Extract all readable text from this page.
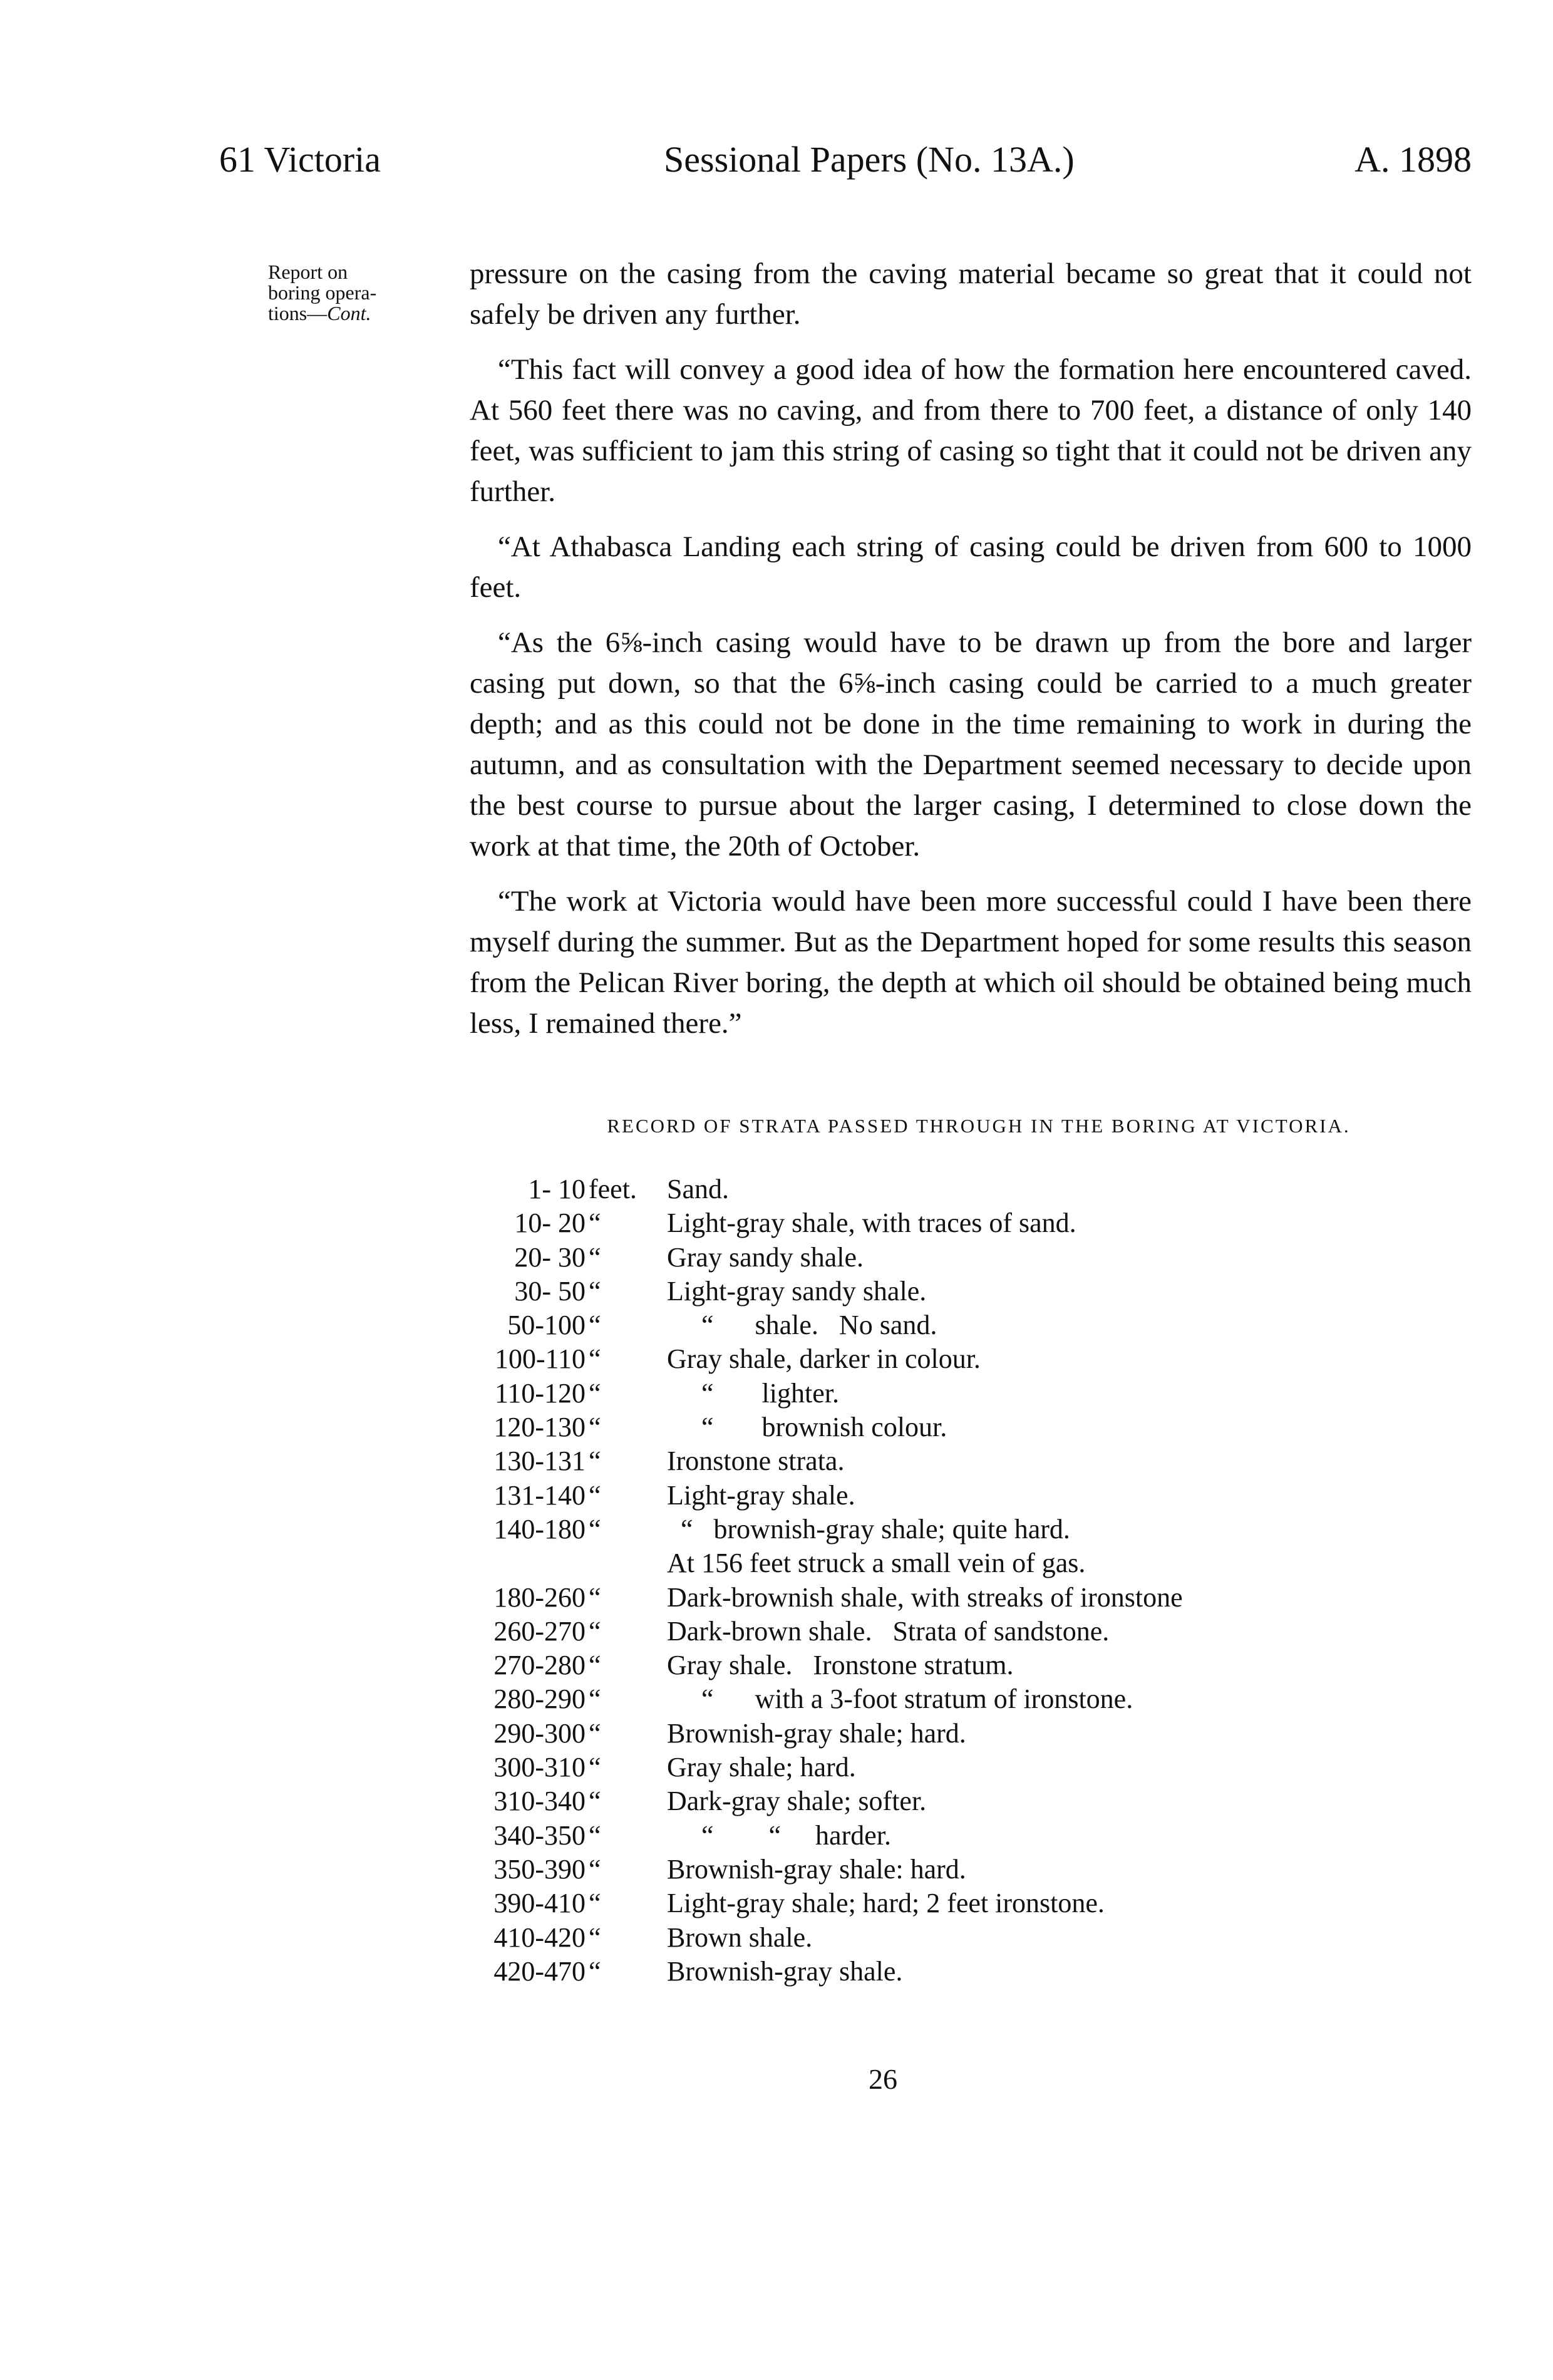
61 Victoria	Sessional Papers (No. 13A.)	A. 1898
Report on
boring opera-
tions—Cont.

pressure on the casing from the caving material became so great that it could not safely be driven any further.

“This fact will convey a good idea of how the formation here encountered caved. At 560 feet there was no caving, and from there to 700 feet, a distance of only 140 feet, was sufficient to jam this string of casing so tight that it could not be driven any further.

“At Athabasca Landing each string of casing could be driven from 600 to 1000 feet.

“As the 6⅝-inch casing would have to be drawn up from the bore and larger casing put down, so that the 6⅝-inch casing could be carried to a much greater depth; and as this could not be done in the time remaining to work in during the autumn, and as consultation with the Department seemed necessary to decide upon the best course to pursue about the larger casing, I determined to close down the work at that time, the 20th of October.

“The work at Victoria would have been more successful could I have been there myself during the summer. But as the Department hoped for some results this season from the Pelican River boring, the depth at which oil should be obtained being much less, I remained there.”

RECORD OF STRATA PASSED THROUGH IN THE BORING AT VICTORIA.
1- 10 feet.	Sand.
10- 20 “	Light-gray shale, with traces of sand.
20- 30 “	Gray sandy shale.
30- 50 “	Light-gray sandy shale.
50-100 “	“      shale.   No sand.
100-110 “	Gray shale, darker in colour.
110-120 “	“       lighter.
120-130 “	“       brownish colour.
130-131 “	Ironstone strata.
131-140 “	Light-gray shale.
140-180 “	“   brownish-gray shale; quite hard.
At 156 feet struck a small vein of gas.
180-260 “	Dark-brownish shale, with streaks of ironstone
260-270 “	Dark-brown shale.   Strata of sandstone.
270-280 “	Gray shale.   Ironstone stratum.
280-290 “	“      with a 3-foot stratum of ironstone.
290-300 “	Brownish-gray shale; hard.
300-310 “	Gray shale; hard.
310-340 “	Dark-gray shale; softer.
340-350 “	“        “     harder.
350-390 “	Brownish-gray shale: hard.
390-410 “	Light-gray shale; hard; 2 feet ironstone.
410-420 “	Brown shale.
420-470 “	Brownish-gray shale.
26
